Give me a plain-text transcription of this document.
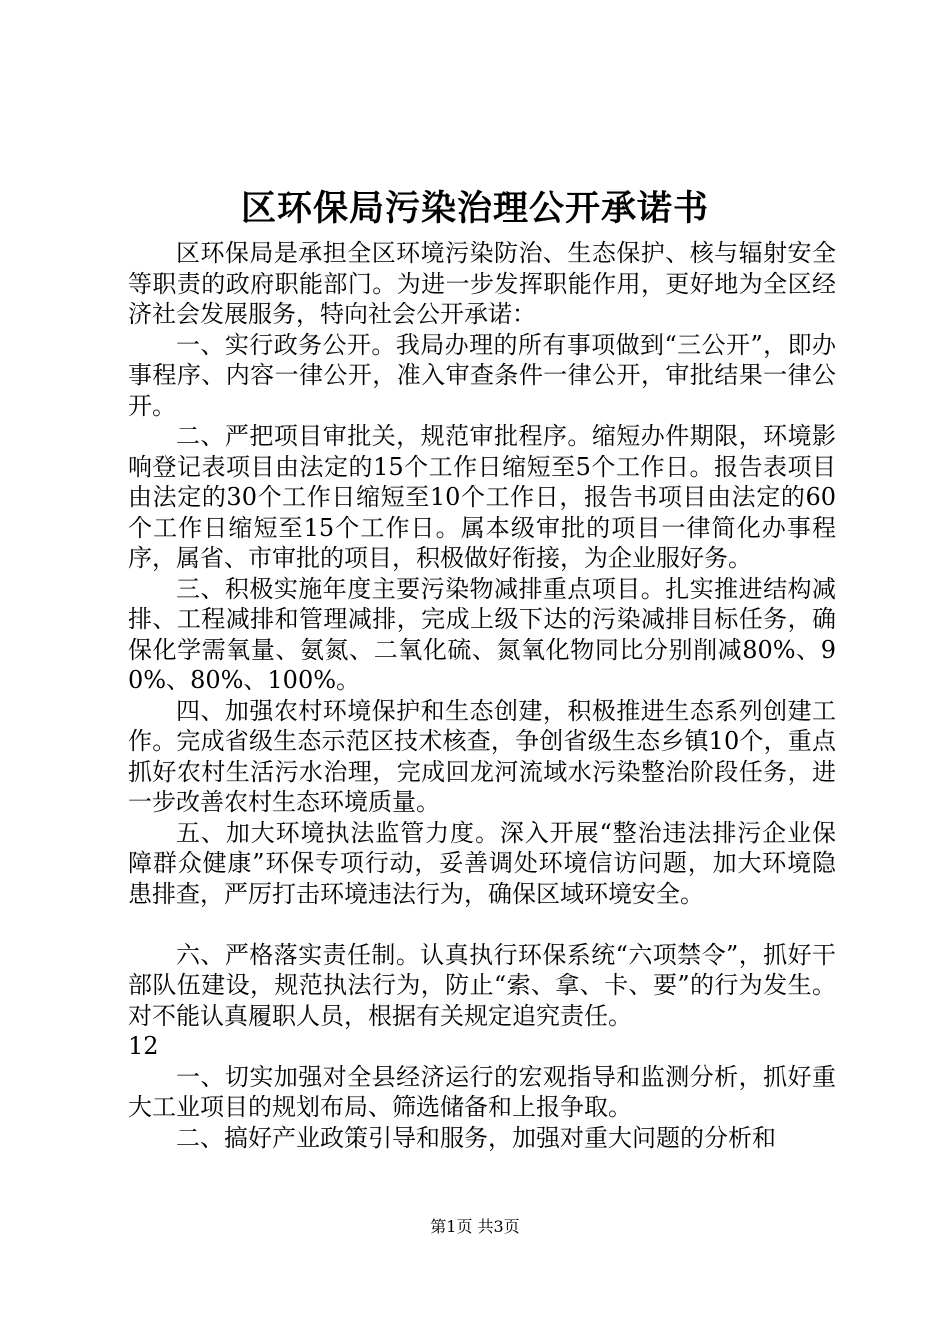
区环保局污染治理公开承诺书

区环保局是承担全区环境污染防治、生态保护、核与辐射安全等职责的政府职能部门。为进一步发挥职能作用，更好地为全区经济社会发展服务，特向社会公开承诺：

一、实行政务公开。我局办理的所有事项做到“三公开”，即办事程序、内容一律公开，准入审查条件一律公开，审批结果一律公开。

二、严把项目审批关，规范审批程序。缩短办件期限，环境影响登记表项目由法定的15个工作日缩短至5个工作日。报告表项目由法定的30个工作日缩短至10个工作日，报告书项目由法定的60个工作日缩短至15个工作日。属本级审批的项目一律简化办事程序，属省、市审批的项目，积极做好衔接，为企业服好务。

三、积极实施年度主要污染物减排重点项目。扎实推进结构减排、工程减排和管理减排，完成上级下达的污染减排目标任务，确保化学需氧量、氨氮、二氧化硫、氮氧化物同比分别削减80%、90%、80%、100%。

四、加强农村环境保护和生态创建，积极推进生态系列创建工作。完成省级生态示范区技术核查，争创省级生态乡镇10个，重点抓好农村生活污水治理，完成回龙河流域水污染整治阶段任务，进一步改善农村生态环境质量。

五、加大环境执法监管力度。深入开展“整治违法排污企业保障群众健康”环保专项行动，妥善调处环境信访问题，加大环境隐患排查，严厉打击环境违法行为，确保区域环境安全。

六、严格落实责任制。认真执行环保系统“六项禁令”，抓好干部队伍建设，规范执法行为，防止“索、拿、卡、要”的行为发生。对不能认真履职人员，根据有关规定追究责任。

12

一、切实加强对全县经济运行的宏观指导和监测分析，抓好重大工业项目的规划布局、筛选储备和上报争取。

二、搞好产业政策引导和服务，加强对重大问题的分析和

第1页 共3页
